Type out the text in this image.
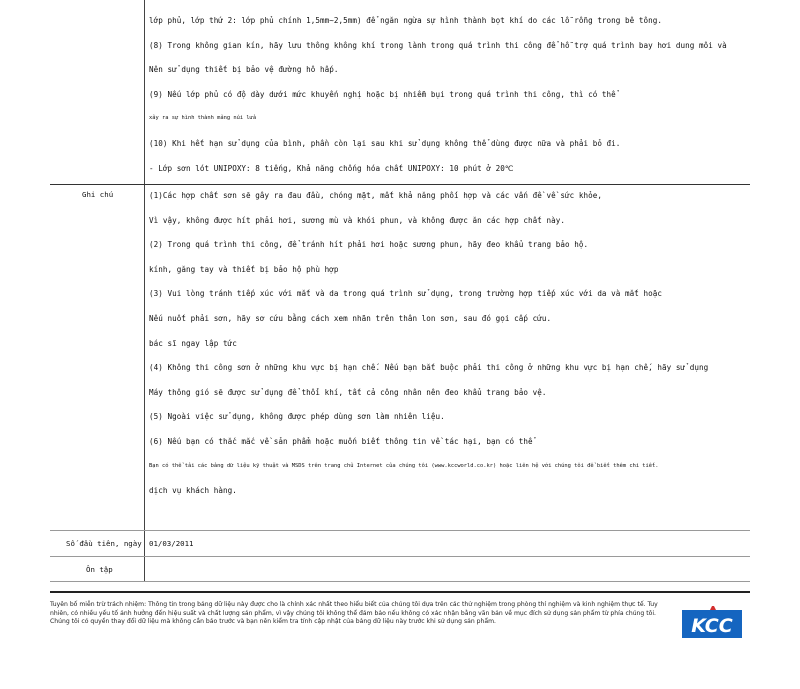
lớp phủ, lớp thứ 2: lớp phủ chính 1,5mm~2,5mm) để ngăn ngừa sự hình thành bọt khí do các lỗ rỗng trong bê tông.
(8) Trong không gian kín, hãy lưu thông không khí trong lành trong quá trình thi công để hỗ trợ quá trình bay hơi dung môi và
Nên sử dụng thiết bị bảo vệ đường hô hấp.
(9) Nếu lớp phủ có độ dày dưới mức khuyến nghị hoặc bị nhiễm bụi trong quá trình thi công, thì có thể
xảy ra sự hình thành mảng núi lửa
(10) Khi hết hạn sử dụng của bình, phần còn lại sau khi sử dụng không thể dùng được nữa và phải bỏ đi.
- Lớp sơn lót UNIPOXY: 8 tiếng, Khả năng chống hóa chất UNIPOXY: 10 phút ở 20℃
Ghi chú	(1)Các hợp chất sơn sẽ gây ra đau đầu, chóng mặt, mất khả năng phối hợp và các vấn đề về sức khỏe,
Vì vậy, không được hít phải hơi, sương mù và khói phun, và không được ăn các hợp chất này.
(2) Trong quá trình thi công, để tránh hít phải hơi hoặc sương phun, hãy đeo khẩu trang bảo hộ.
kính, găng tay và thiết bị bảo hộ phù hợp
(3) Vui lòng tránh tiếp xúc với mắt và da trong quá trình sử dụng, trong trường hợp tiếp xúc với da và mắt hoặc
Nếu nuốt phải sơn, hãy sơ cứu bằng cách xem nhãn trên thân lon sơn, sau đó gọi cấp cứu.
bác sĩ ngay lập tức
(4) Không thi công sơn ở những khu vực bị hạn chế. Nếu bạn bắt buộc phải thi công ở những khu vực bị hạn chế, hãy sử dụng
Máy thông gió sẽ được sử dụng để thổi khí, tất cả công nhân nên đeo khẩu trang bảo vệ.
(5) Ngoài việc sử dụng, không được phép dùng sơn làm nhiên liệu.
(6) Nếu bạn có thắc mắc về sản phẩm hoặc muốn biết thông tin về tác hại, bạn có thể
Bạn có thể tải các bảng dữ liệu kỹ thuật và MSDS trên trang chủ Internet của chúng tôi (www.kccworld.co.kr) hoặc liên hệ với chúng tôi để biết thêm chi tiết.
dịch vụ khách hàng.
Số đầu tiên, ngày 01/03/2011
Ôn tập
Tuyên bố miễn trừ trách nhiệm: Thông tin trong bảng dữ liệu này được cho là chính xác nhất theo hiểu biết của chúng tôi dựa trên các thử nghiệm trong phòng thí nghiệm và kinh nghiệm thực tế. Tuy nhiên, có nhiều yếu tố ảnh hưởng đến hiệu suất và chất lượng sản phẩm, vì vậy chúng tôi không thể đảm bảo nếu không có xác nhận bằng văn bản về mục đích sử dụng sản phẩm từ phía chúng tôi. Chúng tôi có quyền thay đổi dữ liệu mà không cần báo trước và bạn nên kiểm tra tính cập nhật của bảng dữ liệu này trước khi sử dụng sản phẩm.	KCC
